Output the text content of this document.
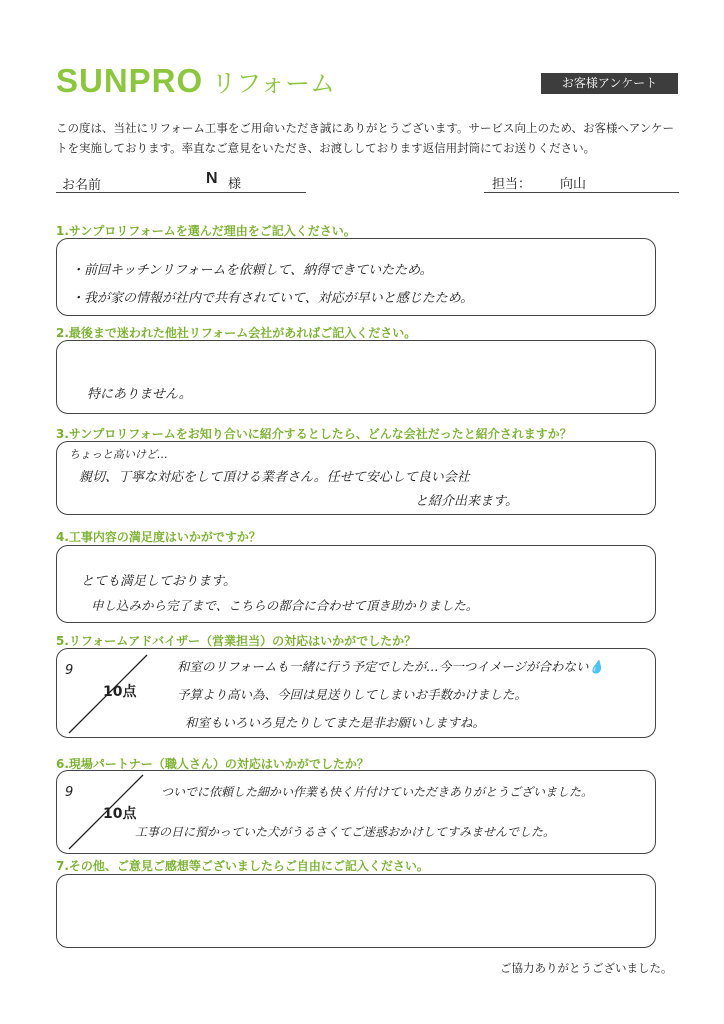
SUNPRO リフォーム	お客様アンケート
この度は、当社にリフォーム工事をご用命いただき誠にありがとうございます。サービス向上のため、お客様へアンケートを実施しております。率直なご意見をいただき、お渡ししております返信用封筒にてお送りください。
お名前	N 様	担当： 向山
1.サンプロリフォームを選んだ理由をご記入ください。
・前回キッチンリフォームを依頼して、納得できていたため。
・我が家の情報が社内で共有されていて、対応が早いと感じたため。
2.最後まで迷われた他社リフォーム会社があればご記入ください。
特にありません。
3.サンプロリフォームをお知り合いに紹介するとしたら、どんな会社だったと紹介されますか？
ちょっと高いけど…
親切、丁寧な対応をして頂ける業者さん。任せて安心して良い会社
と紹介出来ます。
4.工事内容の満足度はいかがですか？
とても満足しております。
申し込みから完了まで、こちらの都合に合わせて頂き助かりました。
5.リフォームアドバイザー（営業担当）の対応はいかがでしたか？
9
10点
和室のリフォームも一緒に行う予定でしたが…今一つイメージが合わない💧
予算より高い為、今回は見送りしてしまいお手数かけました。
和室もいろいろ見たりしてまた是非お願いしますね。
6.現場パートナー（職人さん）の対応はいかがでしたか？
9
10点
ついでに依頼した細かい作業も快く片付けていただきありがとうございました。
工事の日に預かっていた犬がうるさくてご迷惑おかけしてすみませんでした。
7.その他、ご意見ご感想等ございましたらご自由にご記入ください。
ご協力ありがとうございました。
